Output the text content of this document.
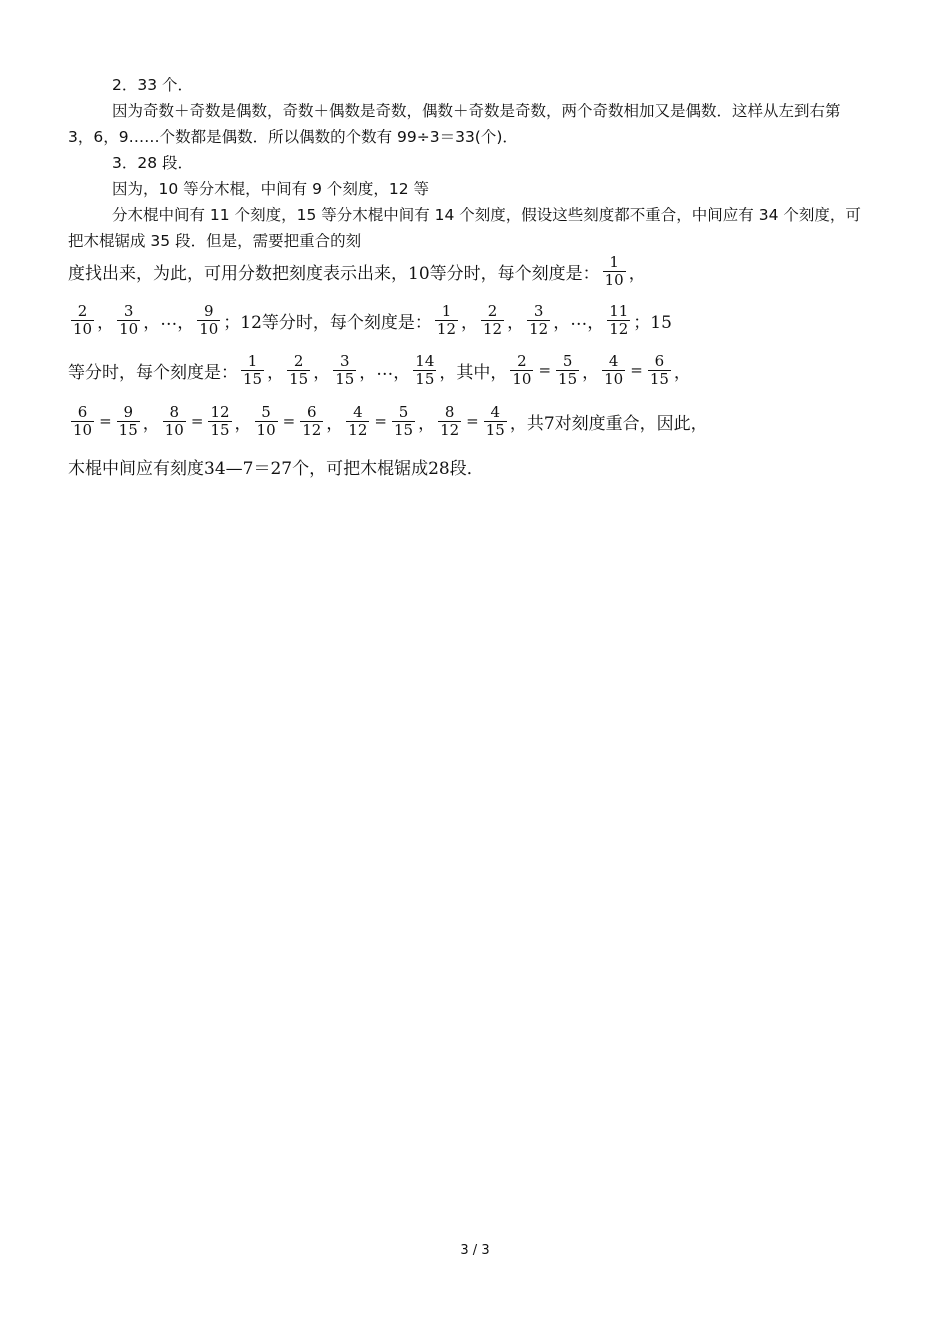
2．33 个．
因为奇数＋奇数是偶数，奇数＋偶数是奇数，偶数＋奇数是奇数，两个奇数相加又是偶数．这样从左到右第
3，6，9……个数都是偶数．所以偶数的个数有 99÷3＝33(个)．
3．28 段．
因为，10 等分木棍，中间有 9 个刻度，12 等
分木棍中间有 11 个刻度，15 等分木棍中间有 14 个刻度，假设这些刻度都不重合，中间应有 34 个刻度，可
把木棍锯成 35 段．但是，需要把重合的刻
度找出来，为此，可用分数把刻度表示出来，10等分时，每个刻度是：
1
10 ，
2
10 ，
3
10 ， … ，
9
10 ； 12等分时，每个刻度是：
1
12 ，
2
12 ，
3
12 ， … ，
11
12 ；15
等分时，每个刻度是：
1
15 ，
2
15 ，
3
15 ， … ，
14
15 ，其中， $\frac{2}{10} = \frac{5}{15}$ ， $\frac{4}{10} = \frac{6}{15}$ ，
$\frac{6}{10} = \frac{9}{15}$ ， $\frac{8}{10} = \frac{12}{15}$ ， $\frac{5}{10} = \frac{6}{12}$ ， $\frac{4}{12} = \frac{5}{15}$ ， $\frac{8}{12} = \frac{4}{15}$ ，共7对刻度重合，因此，
木棍中间应有刻度34—7＝27个，可把木棍锯成28段．
3 / 3
